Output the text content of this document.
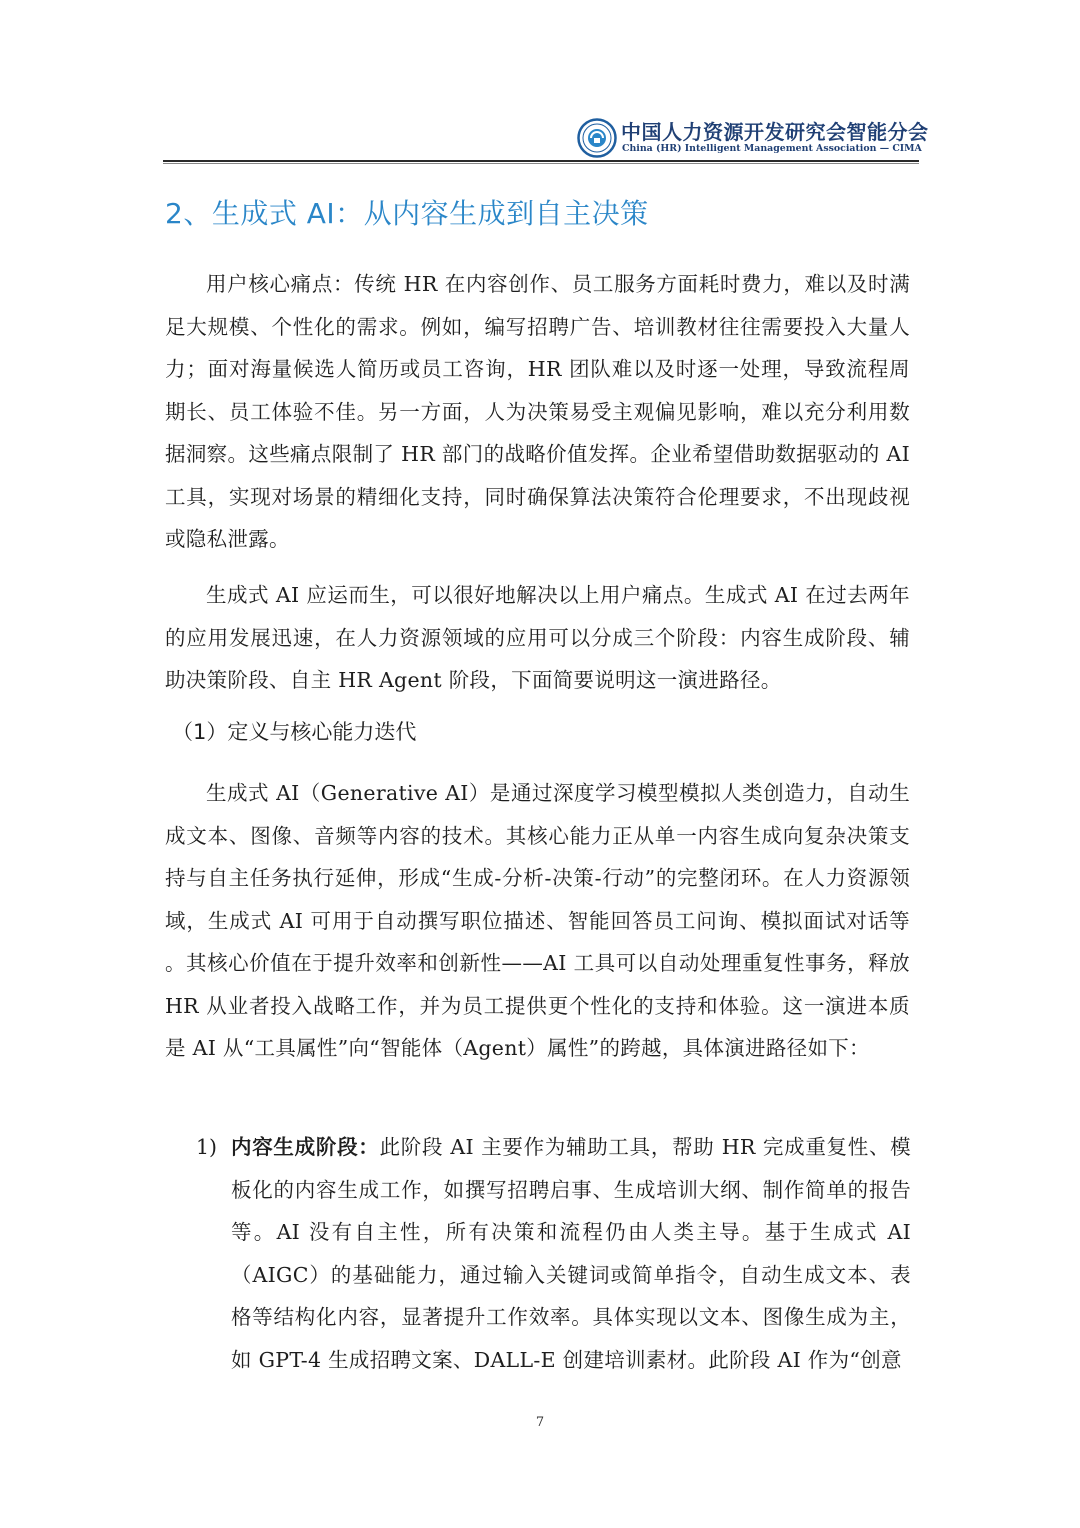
中国人力资源开发研究会智能分会
China (HR) Intelligent Management Association — CIMA
2、生成式 AI：从内容生成到自主决策

用户核心痛点：传统 HR 在内容创作、员工服务方面耗时费力，难以及时满足大规模、个性化的需求。例如，编写招聘广告、培训教材往往需要投入大量人力；面对海量候选人简历或员工咨询，HR 团队难以及时逐一处理，导致流程周期长、员工体验不佳。另一方面，人为决策易受主观偏见影响，难以充分利用数据洞察。这些痛点限制了 HR 部门的战略价值发挥。企业希望借助数据驱动的 AI 工具，实现对场景的精细化支持，同时确保算法决策符合伦理要求，不出现歧视或隐私泄露。

生成式 AI 应运而生，可以很好地解决以上用户痛点。生成式 AI 在过去两年的应用发展迅速，在人力资源领域的应用可以分成三个阶段：内容生成阶段、辅助决策阶段、自主 HR Agent 阶段，下面简要说明这一演进路径。

（1）定义与核心能力迭代

生成式 AI（Generative AI）是通过深度学习模型模拟人类创造力，自动生成文本、图像、音频等内容的技术。其核心能力正从单一内容生成向复杂决策支持与自主任务执行延伸，形成“生成-分析-决策-行动”的完整闭环。在人力资源领域，生成式 AI 可用于自动撰写职位描述、智能回答员工问询、模拟面试对话等 。其核心价值在于提升效率和创新性——AI 工具可以自动处理重复性事务，释放 HR 从业者投入战略工作，并为员工提供更个性化的支持和体验。这一演进本质是 AI 从“工具属性”向“智能体（Agent）属性”的跨越，具体演进路径如下：

1) 内容生成阶段：此阶段 AI 主要作为辅助工具，帮助 HR 完成重复性、模板化的内容生成工作，如撰写招聘启事、生成培训大纲、制作简单的报告等。AI 没有自主性，所有决策和流程仍由人类主导。基于生成式 AI（AIGC）的基础能力，通过输入关键词或简单指令，自动生成文本、表格等结构化内容，显著提升工作效率。具体实现以文本、图像生成为主，如 GPT-4 生成招聘文案、DALL-E 创建培训素材。此阶段 AI 作为“创意

7
